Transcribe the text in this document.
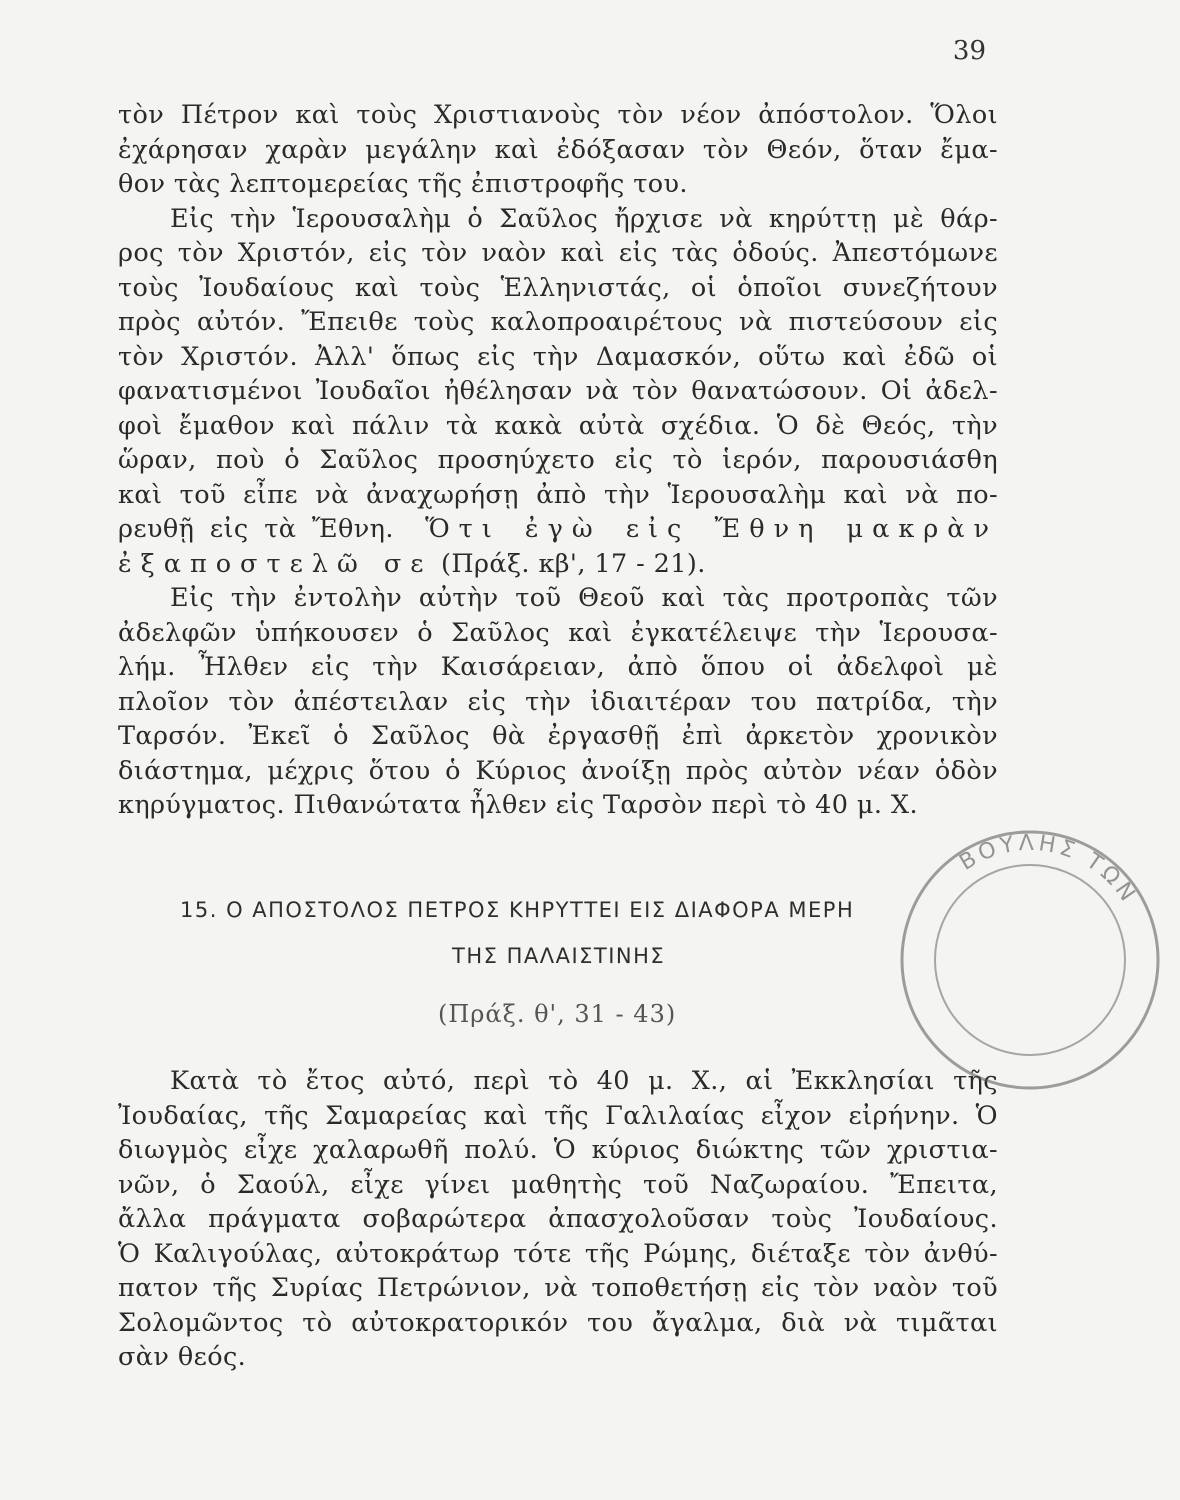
39
τὸν Πέτρον καὶ τοὺς Χριστιανοὺς τὸν νέον ἀπόστολον. Ὅλοι
ἐχάρησαν χαρὰν μεγάλην καὶ ἐδόξασαν τὸν Θεόν, ὅταν ἔμα-
θον τὰς λεπτομερείας τῆς ἐπιστροφῆς του.
Εἰς τὴν Ἱερουσαλὴμ ὁ Σαῦλος ἤρχισε νὰ κηρύττῃ μὲ θάρ-
ρος τὸν Χριστόν, εἰς τὸν ναὸν καὶ εἰς τὰς ὁδούς. Ἀπεστόμωνε
τοὺς Ἰουδαίους καὶ τοὺς Ἑλληνιστάς, οἱ ὁποῖοι συνεζήτουν
πρὸς αὐτόν. Ἔπειθε τοὺς καλοπροαιρέτους νὰ πιστεύσουν εἰς
τὸν Χριστόν. Ἀλλ' ὅπως εἰς τὴν Δαμασκόν, οὕτω καὶ ἐδῶ οἱ
φανατισμένοι Ἰουδαῖοι ἠθέλησαν νὰ τὸν θανατώσουν. Οἱ ἀδελ-
φοὶ ἔμαθον καὶ πάλιν τὰ κακὰ αὐτὰ σχέδια. Ὁ δὲ Θεός, τὴν
ὥραν, ποὺ ὁ Σαῦλος προσηύχετο εἰς τὸ ἱερόν, παρουσιάσθη
καὶ τοῦ εἶπε νὰ ἀναχωρήσῃ ἀπὸ τὴν Ἱερουσαλὴμ καὶ νὰ πο-
ρευθῇ εἰς τὰ Ἔθνη. Ὅτι ἐγὼ εἰς Ἔθνη μακρὰν
ἐξαποστελῶ σε (Πράξ. κβ', 17 - 21).
Εἰς τὴν ἐντολὴν αὐτὴν τοῦ Θεοῦ καὶ τὰς προτροπὰς τῶν
ἀδελφῶν ὑπήκουσεν ὁ Σαῦλος καὶ ἐγκατέλειψε τὴν Ἱερουσα-
λήμ. Ἦλθεν εἰς τὴν Καισάρειαν, ἀπὸ ὅπου οἱ ἀδελφοὶ μὲ
πλοῖον τὸν ἀπέστειλαν εἰς τὴν ἰδιαιτέραν του πατρίδα, τὴν
Ταρσόν. Ἐκεῖ ὁ Σαῦλος θὰ ἐργασθῇ ἐπὶ ἀρκετὸν χρονικὸν
διάστημα, μέχρις ὅτου ὁ Κύριος ἀνοίξῃ πρὸς αὐτὸν νέαν ὁδὸν
κηρύγματος. Πιθανώτατα ἦλθεν εἰς Ταρσὸν περὶ τὸ 40 μ. Χ.
15. Ο ΑΠΟΣΤΟΛΟΣ ΠΕΤΡΟΣ ΚΗΡΥΤΤΕΙ ΕΙΣ ΔΙΑΦΟΡΑ ΜΕΡΗ
ΤΗΣ ΠΑΛΑΙΣΤΙΝΗΣ
(Πράξ. θ', 31 - 43)
Κατὰ τὸ ἔτος αὐτό, περὶ τὸ 40 μ. Χ., αἱ Ἐκκλησίαι τῆς
Ἰουδαίας, τῆς Σαμαρείας καὶ τῆς Γαλιλαίας εἶχον εἰρήνην. Ὁ
διωγμὸς εἶχε χαλαρωθῆ πολύ. Ὁ κύριος διώκτης τῶν χριστια-
νῶν, ὁ Σαούλ, εἶχε γίνει μαθητὴς τοῦ Ναζωραίου. Ἔπειτα,
ἄλλα πράγματα σοβαρώτερα ἀπασχολοῦσαν τοὺς Ἰουδαίους.
Ὁ Καλιγούλας, αὐτοκράτωρ τότε τῆς Ρώμης, διέταξε τὸν ἀνθύ-
πατον τῆς Συρίας Πετρώνιον, νὰ τοποθετήσῃ εἰς τὸν ναὸν τοῦ
Σολομῶντος τὸ αὐτοκρατορικόν του ἄγαλμα, διὰ νὰ τιμᾶται
σὰν θεός.
ΒΟΥΛΗΣ ΤΩΝ
